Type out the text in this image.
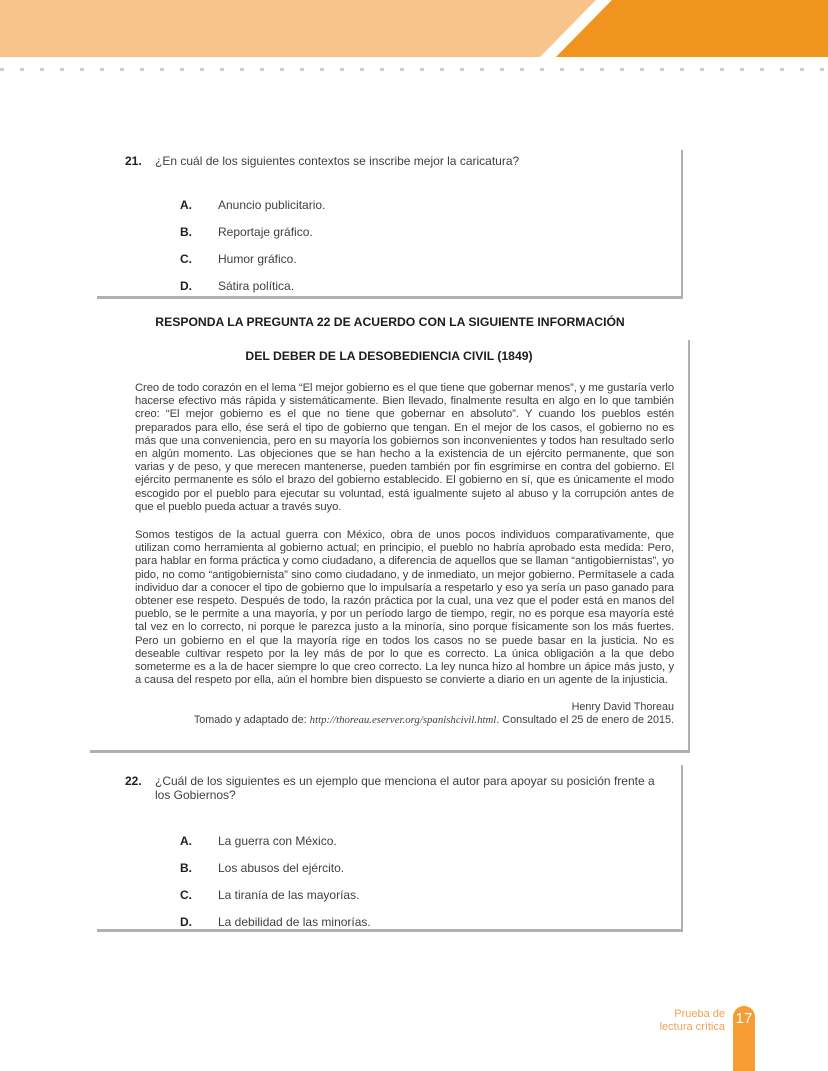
21.	¿En cuál de los siguientes contextos se inscribe mejor la caricatura?
A.	Anuncio publicitario.
B.	Reportaje gráfico.
C.	Humor gráfico.
D.	Sátira política.
RESPONDA LA PREGUNTA 22 DE ACUERDO CON LA SIGUIENTE INFORMACIÓN
DEL DEBER DE LA DESOBEDIENCIA CIVIL (1849)

Creo de todo corazón en el lema “El mejor gobierno es el que tiene que gobernar menos”, y me gustaría verlo hacerse efectivo más rápida y sistemáticamente. Bien llevado, finalmente resulta en algo en lo que también creo: “El mejor gobierno es el que no tiene que gobernar en absoluto”. Y cuando los pueblos estén preparados para ello, ése será el tipo de gobierno que tengan. En el mejor de los casos, el gobierno no es más que una conveniencia, pero en su mayoría los gobiernos son inconvenientes y todos han resultado serlo en algún momento. Las objeciones que se han hecho a la existencia de un ejército permanente, que son varias y de peso, y que merecen mantenerse, pueden también por fin esgrimirse en contra del gobierno. El ejército permanente es sólo el brazo del gobierno establecido. El gobierno en sí, que es únicamente el modo escogido por el pueblo para ejecutar su voluntad, está igualmente sujeto al abuso y la corrupción antes de que el pueblo pueda actuar a través suyo.

Somos testigos de la actual guerra con México, obra de unos pocos individuos comparativamente, que utilizan como herramienta al gobierno actual; en principio, el pueblo no habría aprobado esta medida: Pero, para hablar en forma práctica y como ciudadano, a diferencia de aquellos que se llaman “antigobiernistas”, yo pido, no como “antigobiernista” sino como ciudadano, y de inmediato, un mejor gobierno. Permítasele a cada individuo dar a conocer el tipo de gobierno que lo impulsaría a respetarlo y eso ya sería un paso ganado para obtener ese respeto. Después de todo, la razón práctica por la cual, una vez que el poder está en manos del pueblo, se le permite a una mayoría, y por un período largo de tiempo, regir, no es porque esa mayoría esté tal vez en lo correcto, ni porque le parezca justo a la minoría, sino porque físicamente son los más fuertes. Pero un gobierno en el que la mayoría rige en todos los casos no se puede basar en la justicia. No es deseable cultivar respeto por la ley más de por lo que es correcto. La única obligación a la que debo someterme es a la de hacer siempre lo que creo correcto. La ley nunca hizo al hombre un ápice más justo, y a causa del respeto por ella, aún el hombre bien dispuesto se convierte a diario en un agente de la injusticia.

Henry David Thoreau
Tomado y adaptado de: http://thoreau.eserver.org/spanishcivil.html. Consultado el 25 de enero de 2015.
22.	¿Cuál de los siguientes es un ejemplo que menciona el autor para apoyar su posición frente a los Gobiernos?
A.	La guerra con México.
B.	Los abusos del ejército.
C.	La tiranía de las mayorías.
D.	La debilidad de las minorías.
Prueba de
lectura crítica 17
